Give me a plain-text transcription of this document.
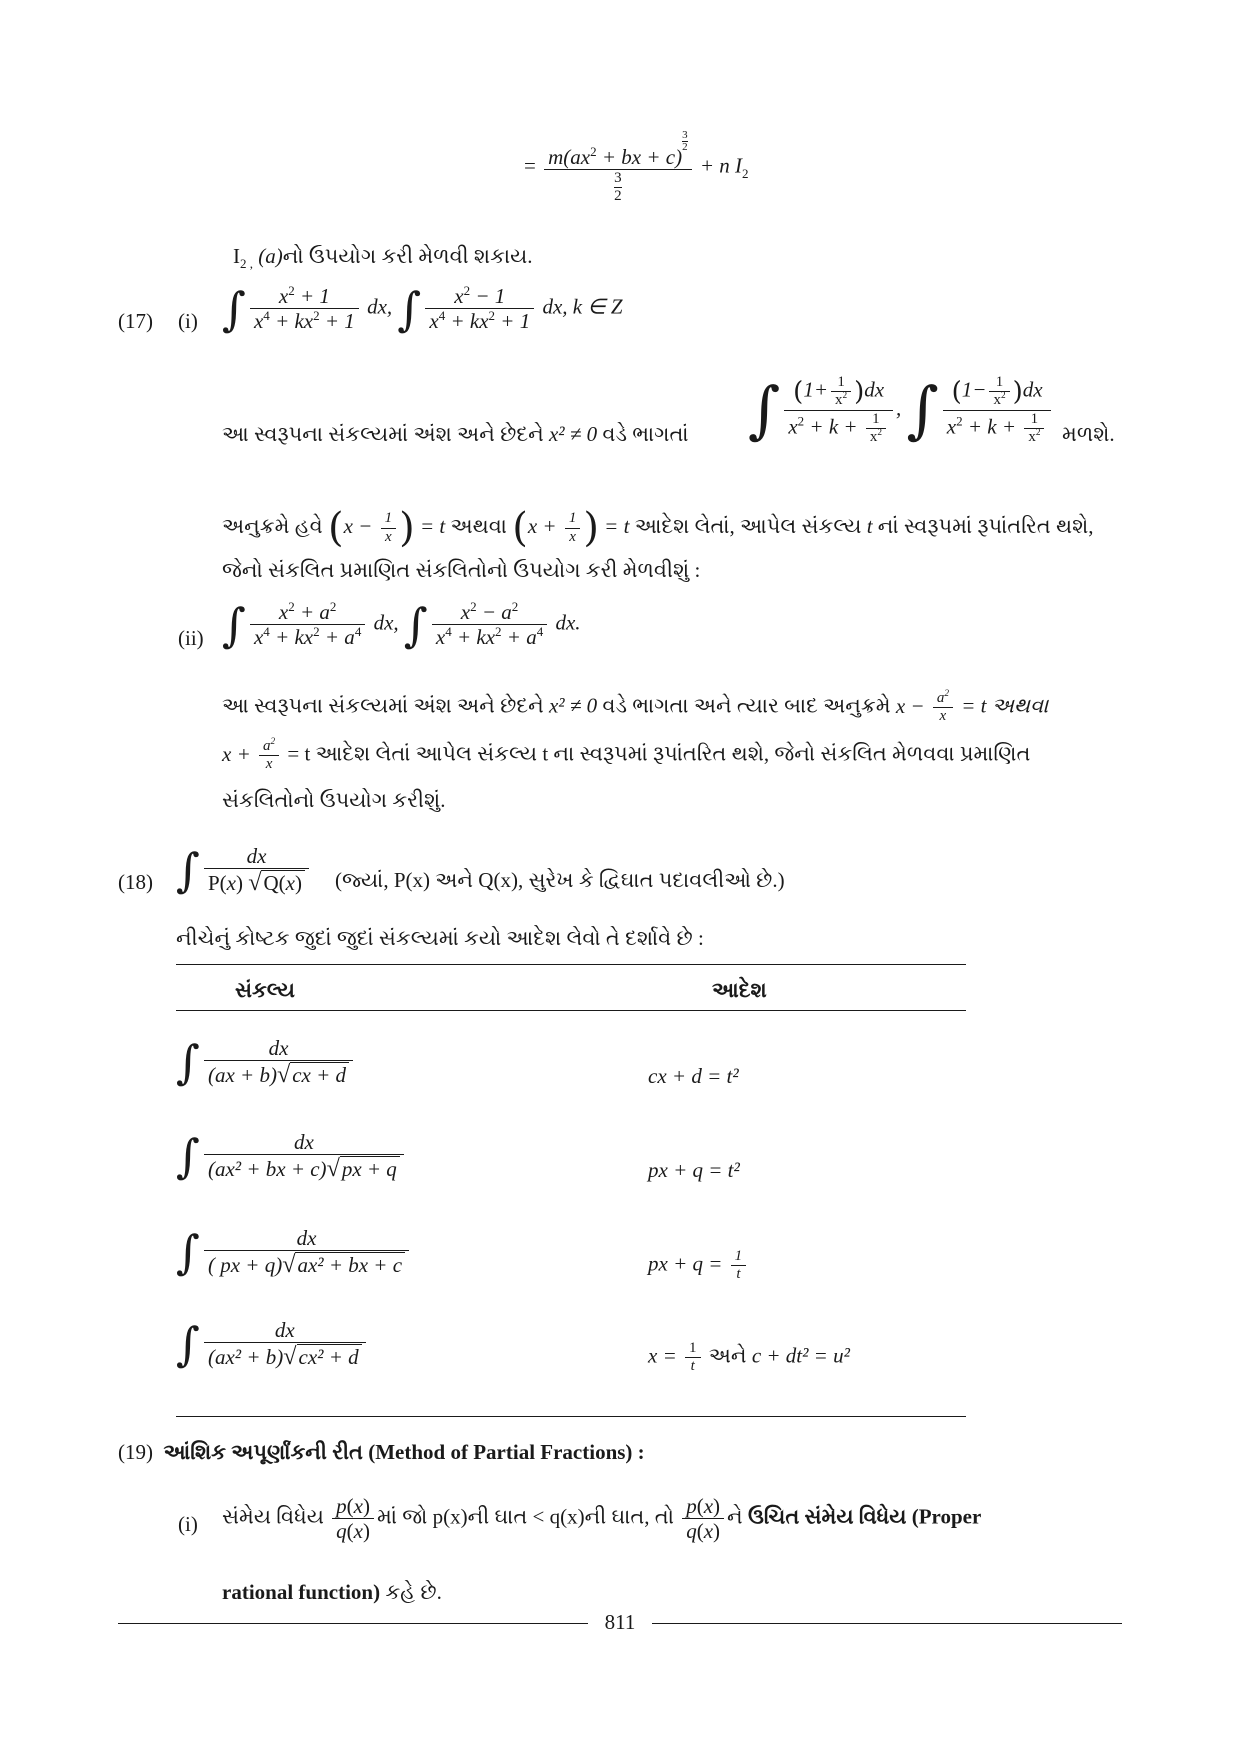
= $m(ax^2$ + bx + c)
$^{\frac{3}{2}}$
$\frac{3}{2} + n$ $I_2$
$I_{2 ,}$ (a)નો ઉપયોગ કરી મેળવી શકાય.
(17) (i) ∫ $\frac{x^2 + 1}{x^4 + kx^2 + 1}$ dx, ∫ $\frac{x^2 - 1}{x^4 + kx^2 + 1}$ dx, k ∈ Z
આ સ્વરૂપના સંકલ્યમાં અંશ અને છેદને x² ≠ 0 વડે ભાગતાં ∫ $\frac{(1+ \frac{1}{x^2} )dx}{x^2 + k + \frac{1}{x^2}}$ , ∫ $\frac{(1- \frac{1}{x^2} )dx}{x^2 + k + \frac{1}{x^2}}$ મળશે.
અનુક્રમે હવે ($x - \frac{1}{x}$ ) = t અથવા ($x + \frac{1}{x}$ ) = t આદેશ લેતાં, આપેલ સંકલ્ય t નાં સ્વરૂપમાં રૂપાંતરિત થશે,
જેનો સંકલિત પ્રમાણિત સંકલિતોનો ઉપયોગ કરી મેળવીશું :
(ii) ∫ $\frac{x^2 + a^2}{x^4 + kx^2 + a^4}$ dx, ∫ $\frac{x^2 - a^2}{x^4 + kx^2 + a^4}$ dx.
આ સ્વરૂપના સંકલ્યમાં અંશ અને છેદને x² ≠ 0 વડે ભાગતા અને ત્યાર બાદ અનુક્રમે $x - \frac{a^2}{x} = t$ અથવા
$x + \frac{a^2}{x} = t$ આદેશ લેતાં આપેલ સંકલ્ય t ના સ્વરૂપમાં રૂપાંતરિત થશે, જેનો સંકલિત મેળવવા પ્રમાણિત
સંકલિતોનો ઉપયોગ કરીશું.
(18) ∫ $\frac{dx}{P(x) √Q(x)}$ (જ્યાં, P(x) અને Q(x), સુરેખ કે દ્વિઘાત પદાવલીઓ છે.)
નીચેનું કોષ્ટક જુદાં જુદાં સંકલ્યમાં કયો આદેશ લેવો તે દર્શાવે છે :
સંકલ્ય	આદેશ
∫ $\frac{dx}{(ax + b)√cx + d}$	cx + d = t²
∫ $\frac{dx}{\text{(ax² + bx + c)√px + q}}$	px + q = t²
∫ $\frac{dx}{\text{( px + q)√ax² + bx + c}}$	px + $q = \frac{1}{t}$
∫ $\frac{dx}{\text{(ax² + b)√cx² + d}}$	$x = \frac{1}{t}$ અને c + dt² = u²
(19) આંશિક અપૂર્ણાંકની રીત (Method of Partial Fractions) :
(i) સંમેય વિધેય $\frac{p(x)}{q(x)}$ માં જો p(x)ની ઘાત < q(x)ની ઘાત, તો $\frac{p(x)}{q(x)}$ ને ઉચિત સંમેય વિધેય (Proper
rational function) કહે છે.
811
